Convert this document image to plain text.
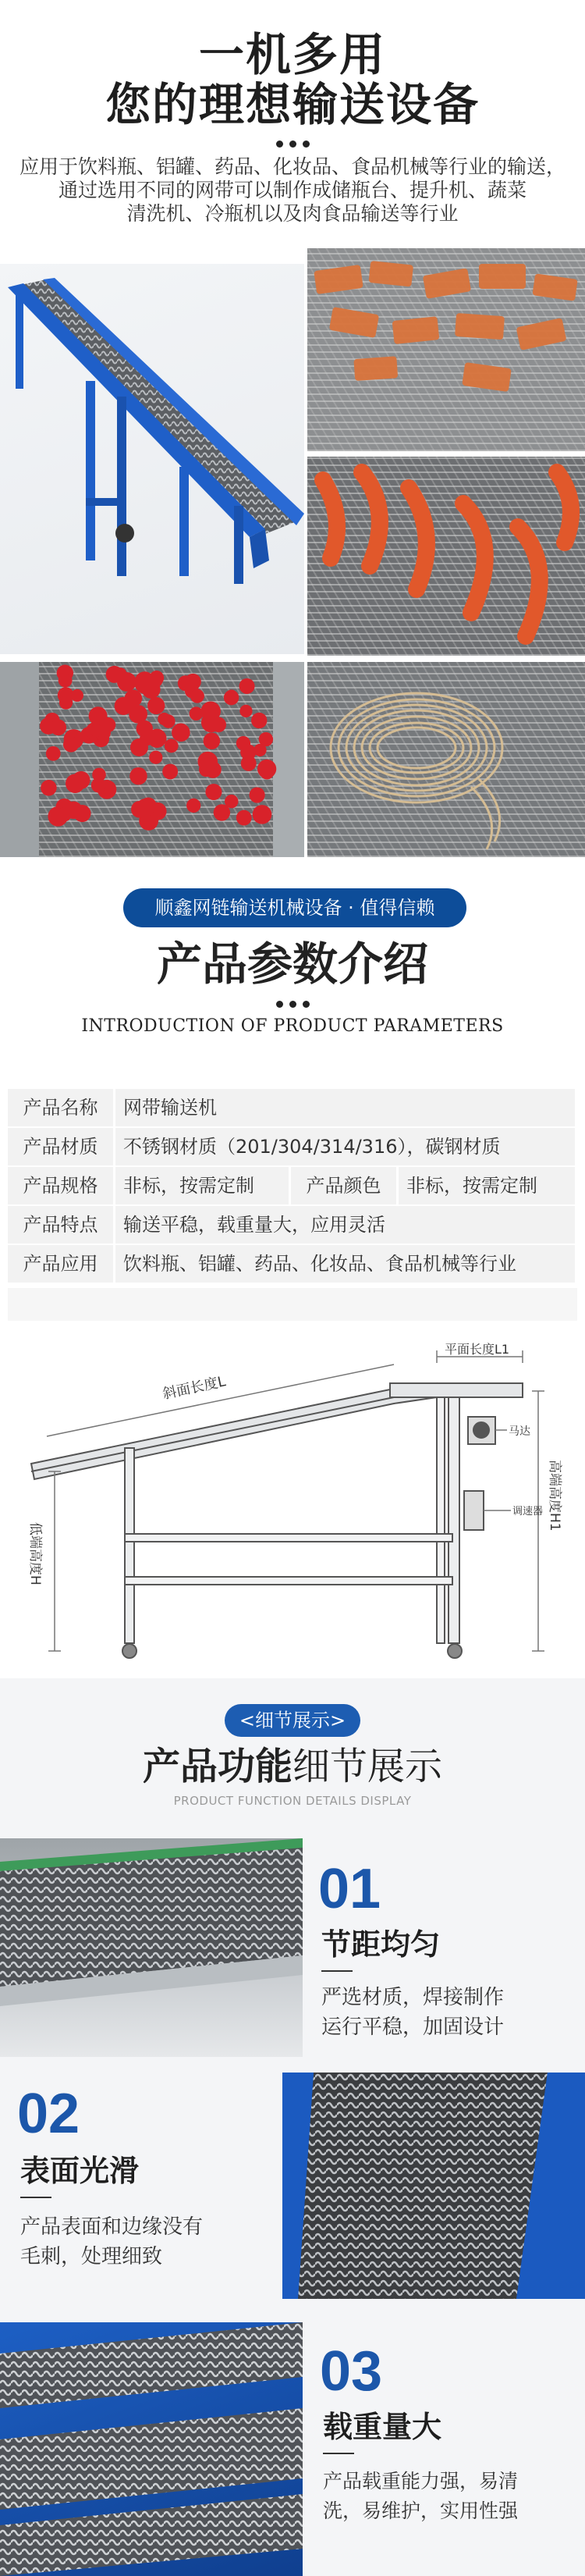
一机多用
您的理想输送设备

应用于饮料瓶、铝罐、药品、化妆品、食品机械等行业的输送，

通过选用不同的网带可以制作成储瓶台、提升机、蔬菜

清洗机、冷瓶机以及肉食品输送等行业

顺鑫网链输送机械设备 · 值得信赖
产品参数介绍
INTRODUCTION OF PRODUCT PARAMETERS
产品名称	网带输送机
产品材质	不锈钢材质（201/304/314/316），碳钢材质
产品规格	非标，按需定制	产品颜色	非标，按需定制
产品特点	输送平稳，载重量大，应用灵活
产品应用	饮料瓶、铝罐、药品、化妆品、食品机械等行业
平面长度L1
斜面长度L
马达
调速器 高端高度H1
低端高度H
<细节展示>
产品功能细节展示
PRODUCT FUNCTION DETAILS DISPLAY
01
节距均匀
严选材质，焊接制作
运行平稳，加固设计
02
表面光滑
产品表面和边缘没有
毛刺，处理细致
03
载重量大
产品载重能力强，易清
洗，易维护，实用性强
